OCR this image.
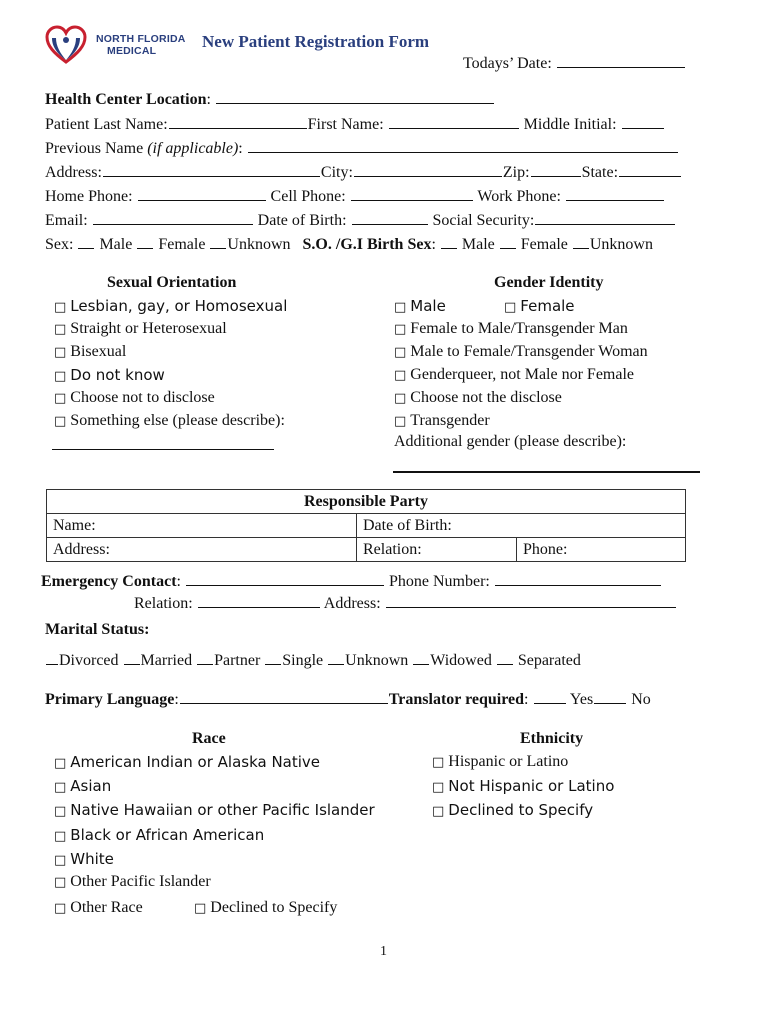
NORTH FLORIDA
MEDICAL	New Patient Registration Form
Todays’ Date:
Health Center Location:
Patient Last Name:	First Name:	Middle Initial:
Previous Name (if applicable):
Address:	City:	Zip:	State:
Home Phone:	Cell Phone:	Work Phone:
Email:	Date of Birth:	Social Security:
Sex: Male Female Unknown S.O. /G.I Birth Sex:  Male Female Unknown
Sexual Orientation
□ Lesbian, gay, or Homosexual
□ Straight or Heterosexual
□ Bisexual
□ Do not know
□ Choose not to disclose
□ Something else (please describe):
Gender Identity
□ Male	□ Female
□ Female to Male/Transgender Man
□ Male to Female/Transgender Woman
□ Genderqueer, not Male nor Female
□ Choose not the disclose
□ Transgender
Additional gender (please describe):
Responsible Party		
Name:	Date of Birth:	
Address:	Relation:	Phone:
Emergency Contact:	Phone Number:
Relation:	Address:
Marital Status:
Divorced Married Partner Single Unknown Widowed Separated
Primary Language:	Translator required:  Yes No
Race
□ American Indian or Alaska Native
□ Asian
□ Native Hawaiian or other Pacific Islander
□ Black or African American
□ White
□ Other Pacific Islander
□ Other Race	□ Declined to Specify
Ethnicity
□ Hispanic or Latino
□ Not Hispanic or Latino
□ Declined to Specify
1
